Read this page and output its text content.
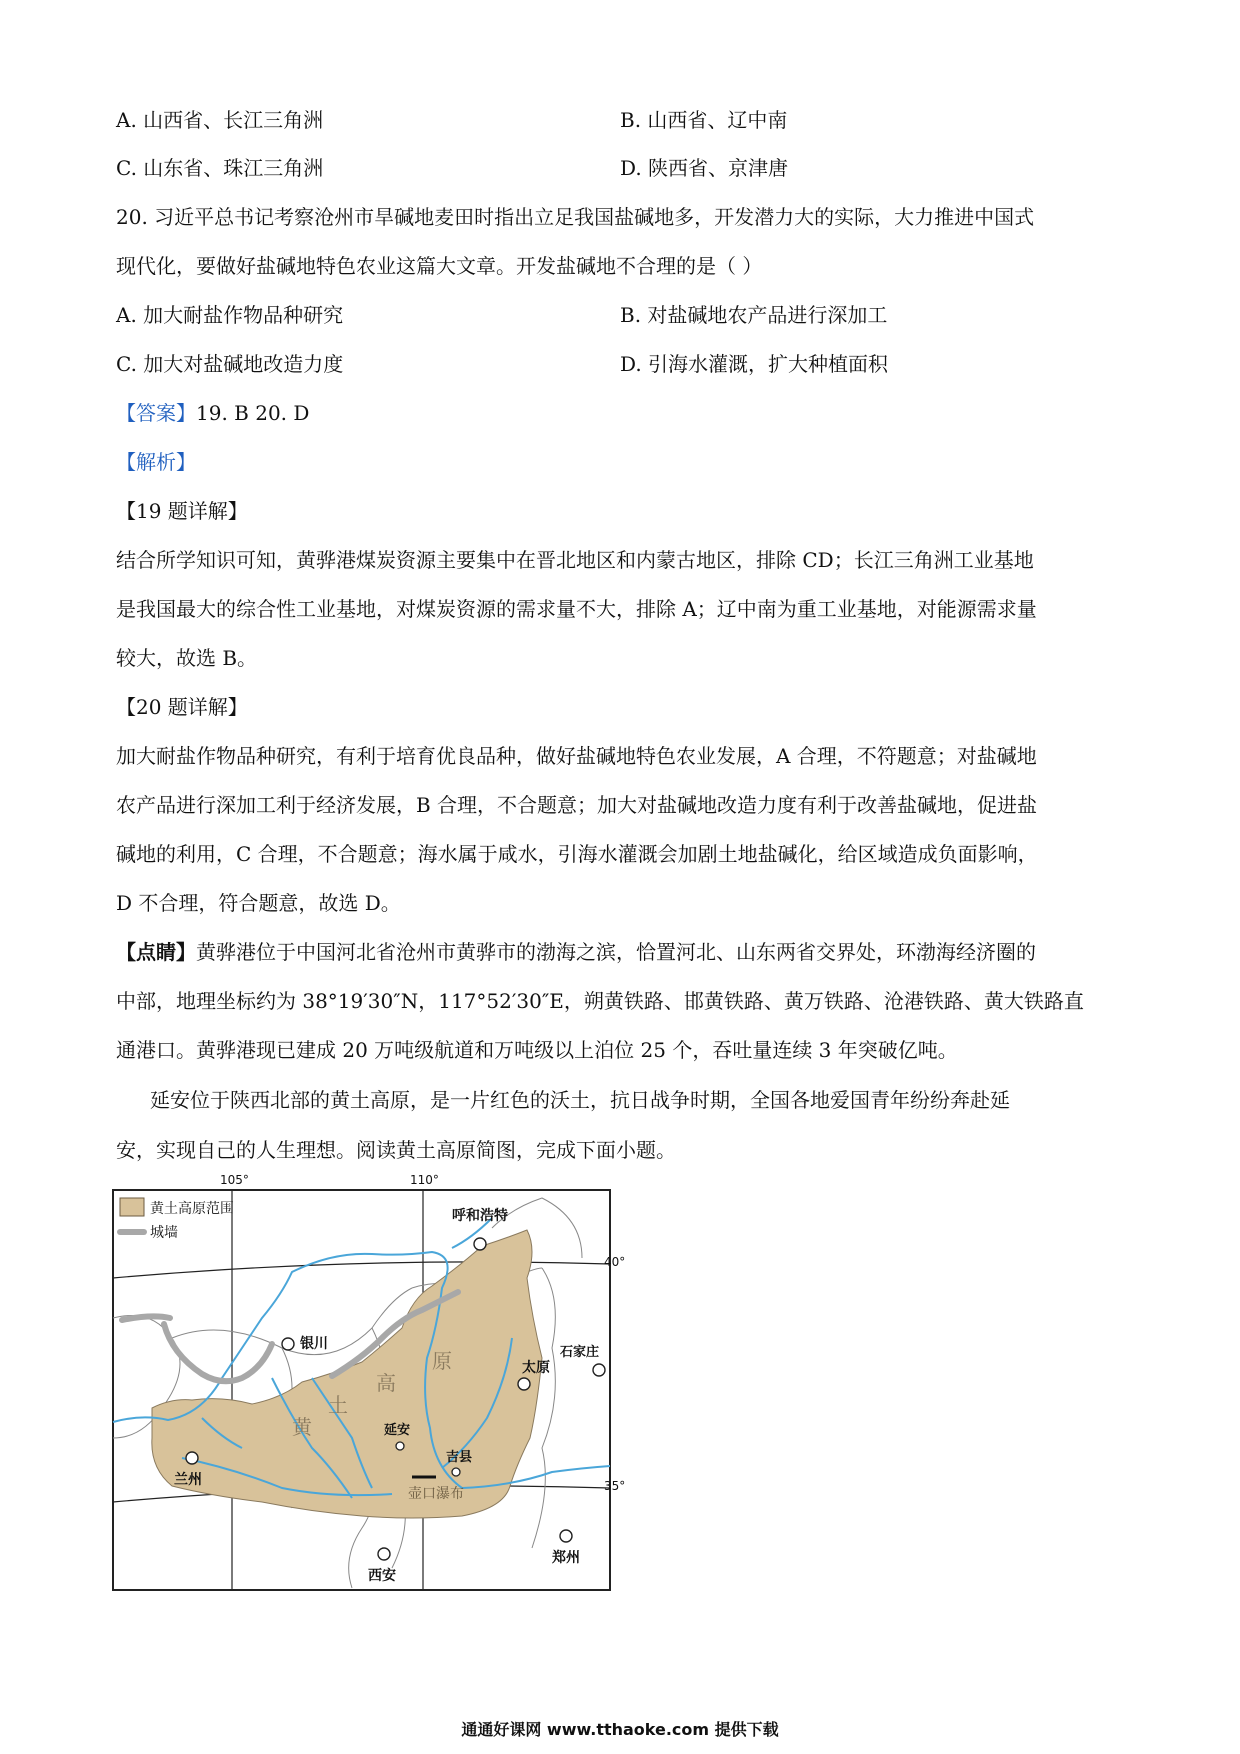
A. 山西省、长江三角洲	B. 山西省、辽中南
C. 山东省、珠江三角洲	D. 陕西省、京津唐
20. 习近平总书记考察沧州市旱碱地麦田时指出立足我国盐碱地多，开发潜力大的实际，大力推进中国式
现代化，要做好盐碱地特色农业这篇大文章。开发盐碱地不合理的是（ ）
A. 加大耐盐作物品种研究	B. 对盐碱地农产品进行深加工
C. 加大对盐碱地改造力度	D. 引海水灌溉，扩大种植面积
【答案】19. B 20. D
【解析】
【19 题详解】
结合所学知识可知，黄骅港煤炭资源主要集中在晋北地区和内蒙古地区，排除 CD；长江三角洲工业基地
是我国最大的综合性工业基地，对煤炭资源的需求量不大，排除 A；辽中南为重工业基地，对能源需求量
较大，故选 B。
【20 题详解】
加大耐盐作物品种研究，有利于培育优良品种，做好盐碱地特色农业发展，A 合理，不符题意；对盐碱地
农产品进行深加工利于经济发展，B 合理，不合题意；加大对盐碱地改造力度有利于改善盐碱地，促进盐
碱地的利用，C 合理，不合题意；海水属于咸水，引海水灌溉会加剧土地盐碱化，给区域造成负面影响，
D 不合理，符合题意，故选 D。
【点睛】黄骅港位于中国河北省沧州市黄骅市的渤海之滨，恰置河北、山东两省交界处，环渤海经济圈的
中部，地理坐标约为 38°19′30″N，117°52′30″E，朔黄铁路、邯黄铁路、黄万铁路、沧港铁路、黄大铁路直
通港口。黄骅港现已建成 20 万吨级航道和万吨级以上泊位 25 个，吞吐量连续 3 年突破亿吨。
延安位于陕西北部的黄土高原，是一片红色的沃土，抗日战争时期，全国各地爱国青年纷纷奔赴延
安，实现自己的人生理想。阅读黄土高原简图，完成下面小题。
黄土高原范围
城墙
105°	110°
40°
35°
呼和浩特
银川
太原
石家庄
延安
吉县
兰州
西安
郑州
壶口瀑布
黄
土
高
原
通通好课网 www.tthaoke.com 提供下载
